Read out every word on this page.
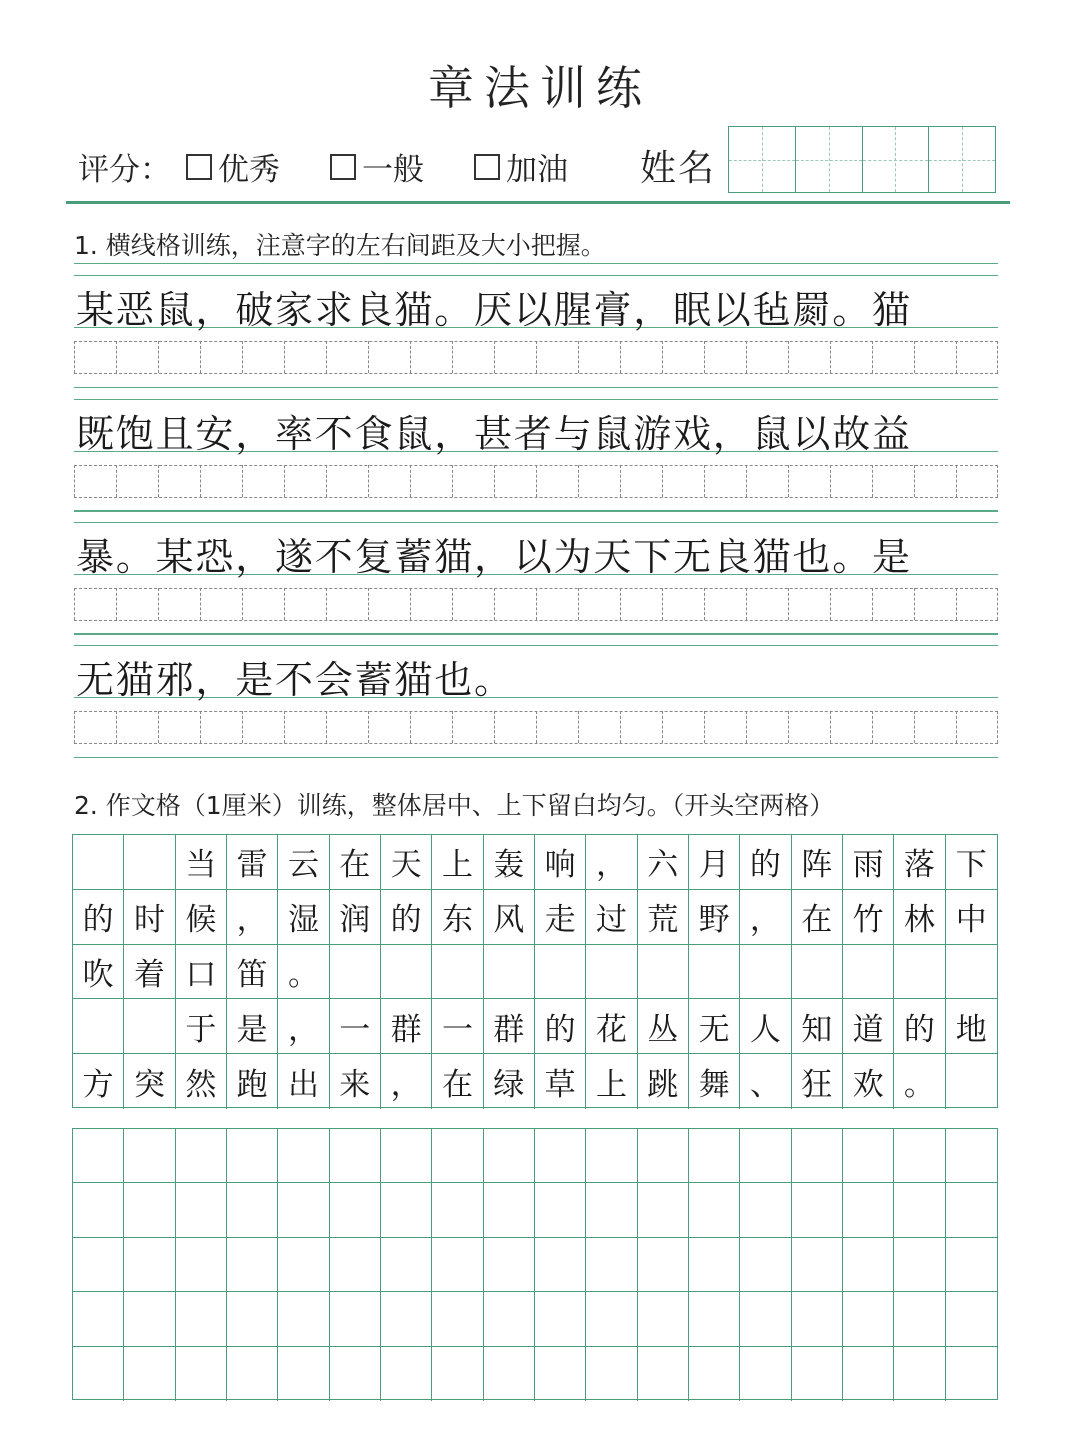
章法训练
评分： 优秀	一般	加油 姓名
1. 横线格训练，注意字的左右间距及大小把握。
某恶鼠，破家求良猫。厌以腥膏，眠以毡罽。猫
既饱且安，率不食鼠，甚者与鼠游戏，鼠以故益
暴。某恐，遂不复蓄猫，以为天下无良猫也。是
无猫邪，是不会蓄猫也。
2. 作文格（1厘米）训练，整体居中、上下留白均匀。（开头空两格）
当 雷 云 在 天 上 轰 响 ， 六 月 的 阵 雨 落 下
的 时 候 ， 湿 润 的 东 风 走 过 荒 野 ， 在 竹 林 中
吹 着 口 笛 。
于 是 ， 一 群 一 群 的 花 丛 无 人 知 道 的 地
方 突 然 跑 出 来 ， 在 绿 草 上 跳 舞 、 狂 欢 。
